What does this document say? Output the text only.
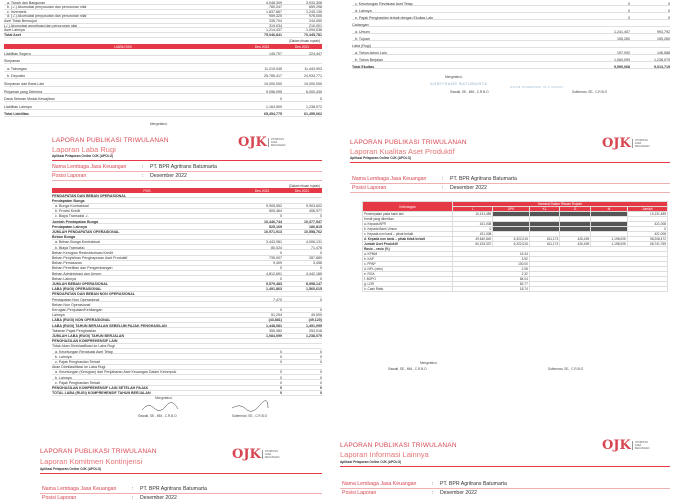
a. Tanah dan Bangunan	4,048,309	3,933,306
b. (-/-) Akumulasi penyusutan dan penurunan nilai	780,047	659,298
c. Inventaris	1,837,867	1,245,135
d. (-/-) Akumulasi penyusutan dan penurunan nilai	959,320	976,005
Aset Tidak Berwujud	335,704	244,050
(-/-) Akumulasi amortisasi dan penurunan nilai	319,034	210,001
Aset Lainnya	1,214,437	1,094,036
Total Aset	75,046,841	70,445,781
(Dalam ribuan rupiah)
LIABILITAS	Des 2022	Des 2021
Liabilitas Segera	145,707	224,447
Simpanan
a. Tabungan	11,210,045	11,443,903
b. Deposito	25,785,417	24,933,771
Simpanan dari Bank Lain	10,000,000	10,000,000
Pinjaman yang Diterima	9,056,095	6,000,430
Dana Setoran Modal-Kewajiban	0	0
Liabilitas Lainnya	1,164,509	1,238,072
Total Liabilitas	65,454,775	61,455,062
c. Keuntungan Revaluasi Aset Tetap	0	0
d. Lainnya	0	0
e. Pajak Penghasilan terkait dengan Ekuitas Lain	0	0
Cadangan
a. Umum	1,241,407	993,792
b. Tujuan	155,260	155,260
Laba (Rugi)
a. Tahun-tahun Lalu	157,092	146,588
b. Tahun Berjalan	1,084,099	1,238,079
Total Ekuitas	9,590,068	9,013,719
Mengetahui,
LAPORAN PUBLIKASI TRIWULANAN
Laporan Laba Rugi
Aplikasi Pelaporan Online OJK (APOLO)
OJK	OTORITAS
JASA
KEUANGAN
Nama Lembaga Jasa Keuangan	:	PT. BPR Agritrans Batumarta
Posisi Laporan	:	Desember 2022
(Dalam ribuan rupiah)
POS	Des 2022	Des 2021
PENDAPATAN DAN BEBAN OPERASIONAL
Pendapatan Bunga
a. Bunga Kontraktual	9,905,952	9,903,602
b. Provisi Kredit	505,464	406,977
c. Biaya Transaksi -/-	0	0
Jumlah Pendapatan Bunga	10,446,744	10,377,947
Pendapatan Lainnya	525,169	180,815
JUMLAH PENDAPATAN OPERASIONAL	10,971,913	10,558,762
Beban Bunga
a. Beban Bunga Kontraktual	3,443,981	4,006,131
b. Biaya Transaksi	80,024	71,476
Beban Kerugian Restrukturisasi Kredit	0	0
Beban Penyisihan Penghapusan Aset Produktif	735,907	287,889
Beban Pemasaran	9,409	3,456
Beban Penelitian dan Pengembangan	0	0
Beban Administrasi dan Umum	4,812,691	4,442,185
Beban Lainnya	0	0
JUMLAH BEBAN OPERASIONAL	9,579,483	8,998,147
LABA (RUGI) OPERASIONAL	1,491,863	1,560,615
PENDAPATAN DAN BEBAN NON OPERASIONAL
Pendapatan Non Operasional	7,470	0
Beban Non Operasional
Kerugian Penjualan/Kehilangan	0	0
Lainnya	51,294	49,000
LABA (RUGI) NON OPERASIONAL	(43,881)	(49,120)
LABA (RUGI) TAHUN BERJALAN SEBELUM PAJAK PENGHASILAN	1,448,081	1,491,095
Taksiran Pajak Penghasilan	355,982	253,016
JUMLAH LABA (RUGI) TAHUN BERJALAN	1,084,099	1,238,079
PENGHASILAN KOMPREHENSIF LAIN
Tidak Akan Direklasifikasi ke Laba Rugi
a. Keuntungan Revaluasi Aset Tetap	0	0
b. Lainnya	0	0
c. Pajak Penghasilan Terkait	0	0
Akan Direklasifikasi ke Laba Rugi
a. Keuntungan (Kerugian) dari Penjabaran Aset Keuangan Dalam Kelompok	0	0
b. Lainnya	0	0
c. Pajak Penghasilan Terkait	0	0
PENGHASILAN KOMPREHENSIF LAIN SETELAH PAJAK	0	0
TOTAL LABA (RUGI) KOMPREHENSIF TAHUN BERJALAN	0	0
Mengetahui,
Siswati, SE., MM., C.R.B.O	Sulterman, SE., C.R.B.O
Mengetahui,
AGRITRANS BATUMARTA
OGAN KOMERING ULU BARAT
Siswati, SE., MM., C.R.B.O	Sulterman, SE., C.R.B.O
LAPORAN PUBLIKASI TRIWULANAN
Laporan Kualitas Aset Produktif
Aplikasi Pelaporan Online OJK (APOLO)
OJK	OTORITAS
JASA
KEUANGAN
Nama Lembaga Jasa Keuangan	:	PT. BPR Agritrans Batumarta
Posisi Laporan	:	Desember 2022
Keterangan	Nominal Dalam Ribuan Rupiah					
	L	DPK	KL	D	M	Jumlah
Penempatan pada bank lain	10,131,489					10,131,489
Kredit yang diberikan						
a. Kepada BPR	421,008					421,008
b. Kepada Bank Umum	0					0
c. Kepada non bank – pihak terkait	421,008					421,008
d. Kepada non bank – pihak tidak terkait	49,640,840	6,322,015	611,173	426,439	1,198,005	58,208,472
Jumlah Aset Produktif	60,193,337	6,322,015	611,173	426,439	1,198,005	68,741,769
Rasio – rasio (%)						
a. KPMM	16.34					
b. KAP	3.92					
c. PPAP	100.00					
d. NPL (neto)	2.08					
e. ROA	2.32					
f. BOPO	84.04					
g. LDR	82.77					
h. Cash Ratio	18.74					
LAPORAN PUBLIKASI TRIWULANAN
Laporan Komitmen Kontinjensi
Aplikasi Pelaporan Online OJK (APOLO)
OJK	OTORITAS
JASA
KEUANGAN
Nama Lembaga Jasa Keuangan	:	PT. BPR Agritrans Batumarta
Posisi Laporan	:	Desember 2022
Siswati, SE., MM., C.R.B.O	Sulterman, SE., C.R.B.O
Mengetahui,
LAPORAN PUBLIKASI TRIWULANAN
Laporan Informasi Lainnya
Aplikasi Pelaporan Online OJK (APOLO)
OJK	OTORITAS
JASA
KEUANGAN
Nama Lembaga Jasa Keuangan	:	PT. BPR Agritrans Batumarta
Posisi Laporan	:	Desember 2022
